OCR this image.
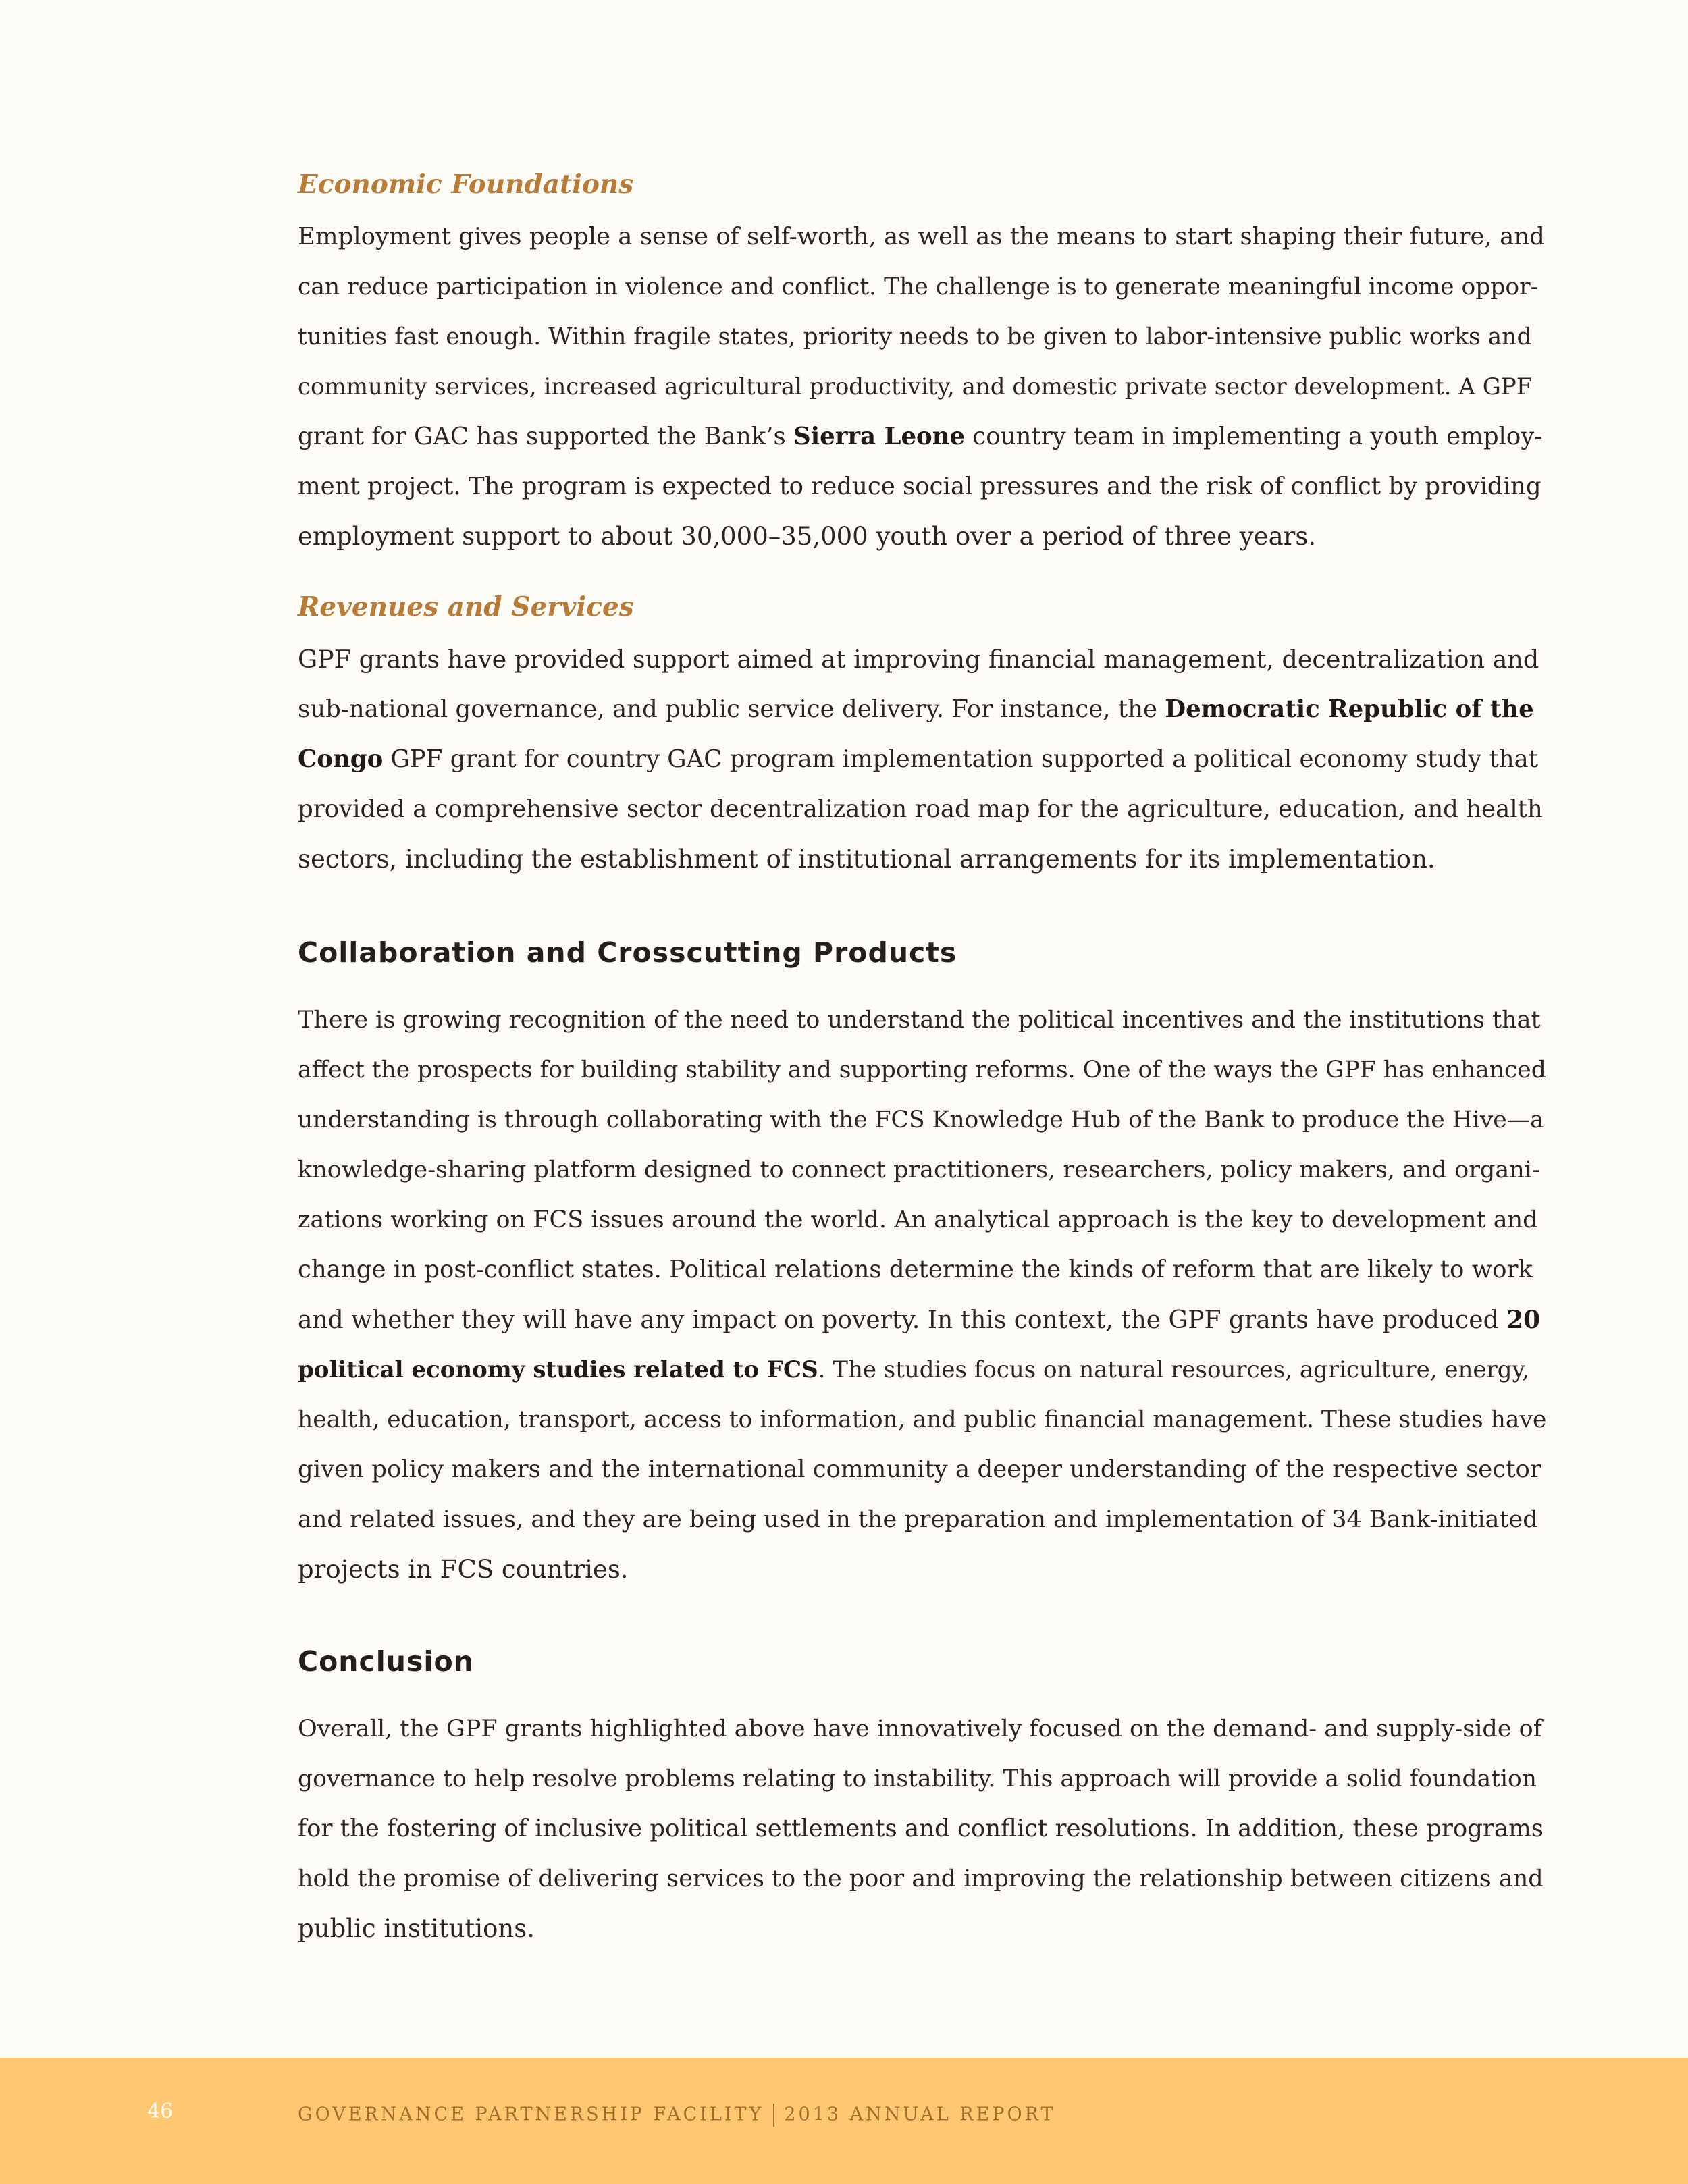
Economic Foundations
Employment gives people a sense of self-worth, as well as the means to start shaping their future, and
can reduce participation in violence and conflict. The challenge is to generate meaningful income oppor-
tunities fast enough. Within fragile states, priority needs to be given to labor-intensive public works and
community services, increased agricultural productivity, and domestic private sector development. A GPF
grant for GAC has supported the Bank’s Sierra Leone country team in implementing a youth employ-
ment project. The program is expected to reduce social pressures and the risk of conflict by providing
employment support to about 30,000–35,000 youth over a period of three years.
Revenues and Services
GPF grants have provided support aimed at improving financial management, decentralization and
sub-national governance, and public service delivery. For instance, the Democratic Republic of the
Congo GPF grant for country GAC program implementation supported a political economy study that
provided a comprehensive sector decentralization road map for the agriculture, education, and health
sectors, including the establishment of institutional arrangements for its implementation.
Collaboration and Crosscutting Products
There is growing recognition of the need to understand the political incentives and the institutions that
affect the prospects for building stability and supporting reforms. One of the ways the GPF has enhanced
understanding is through collaborating with the FCS Knowledge Hub of the Bank to produce the Hive—a
knowledge-sharing platform designed to connect practitioners, researchers, policy makers, and organi-
zations working on FCS issues around the world. An analytical approach is the key to development and
change in post-conflict states. Political relations determine the kinds of reform that are likely to work
and whether they will have any impact on poverty. In this context, the GPF grants have produced 20
political economy studies related to FCS. The studies focus on natural resources, agriculture, energy,
health, education, transport, access to information, and public financial management. These studies have
given policy makers and the international community a deeper understanding of the respective sector
and related issues, and they are being used in the preparation and implementation of 34 Bank-initiated
projects in FCS countries.
Conclusion
Overall, the GPF grants highlighted above have innovatively focused on the demand- and supply-side of
governance to help resolve problems relating to instability. This approach will provide a solid foundation
for the fostering of inclusive political settlements and conflict resolutions. In addition, these programs
hold the promise of delivering services to the poor and improving the relationship between citizens and
public institutions.
46	GOVERNANCE PARTNERSHIP FACILITY 2013 ANNUAL REPORT
